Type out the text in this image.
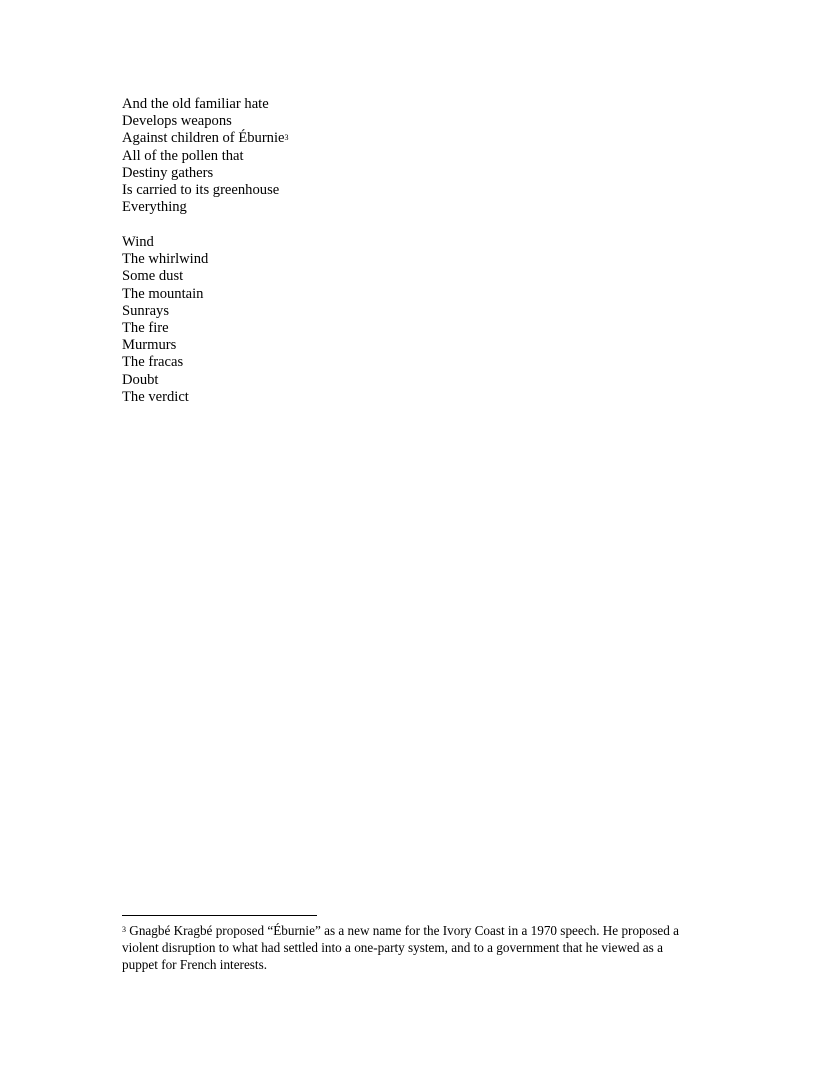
And the old familiar hate
Develops weapons
Against children of Éburnie$^3$
All of the pollen that
Destiny gathers
Is carried to its greenhouse
Everything
Wind
The whirlwind
Some dust
The mountain
Sunrays
The fire
Murmurs
The fracas
Doubt
The verdict

$^3$ Gnagbé Kragbé proposed “Éburnie” as a new name for the Ivory Coast in a 1970 speech. He proposed a violent disruption to what had settled into a one-party system, and to a government that he viewed as a puppet for French interests.
